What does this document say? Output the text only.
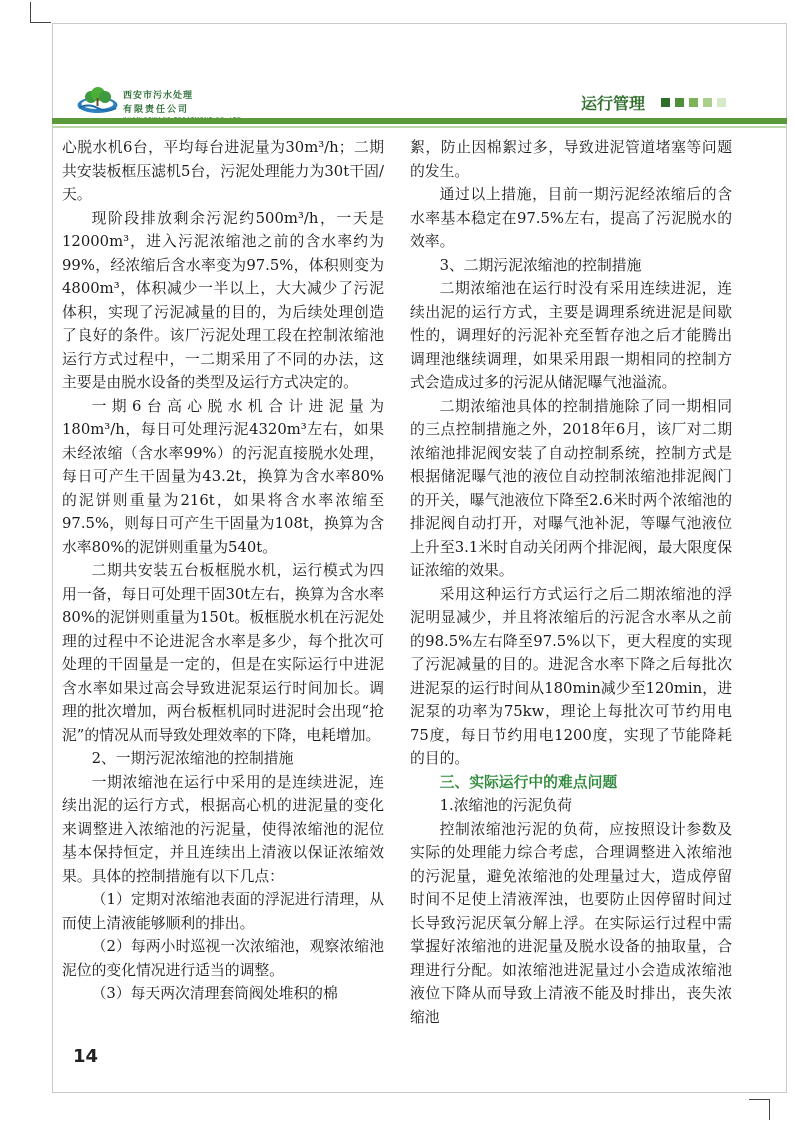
西安市污水处理
有限责任公司	运行管理

心脱水机6台，平均每台进泥量为30m³/h；二期共安装板框压滤机5台，污泥处理能力为30t干固/天。

现阶段排放剩余污泥约500m³/h，一天是12000m³，进入污泥浓缩池之前的含水率约为99%，经浓缩后含水率变为97.5%，体积则变为4800m³，体积减少一半以上，大大减少了污泥体积，实现了污泥减量的目的，为后续处理创造了良好的条件。该厂污泥处理工段在控制浓缩池运行方式过程中，一二期采用了不同的办法，这主要是由脱水设备的类型及运行方式决定的。

一期6台高心脱水机合计进泥量为180m³/h，每日可处理污泥4320m³左右，如果未经浓缩（含水率99%）的污泥直接脱水处理，每日可产生干固量为43.2t，换算为含水率80%的泥饼则重量为216t，如果将含水率浓缩至97.5%，则每日可产生干固量为108t，换算为含水率80%的泥饼则重量为540t。

二期共安装五台板框脱水机，运行模式为四用一备，每日可处理干固30t左右，换算为含水率80%的泥饼则重量为150t。板框脱水机在污泥处理的过程中不论进泥含水率是多少，每个批次可处理的干固量是一定的，但是在实际运行中进泥含水率如果过高会导致进泥泵运行时间加长。调理的批次增加，两台板框机同时进泥时会出现“抢泥”的情况从而导致处理效率的下降，电耗增加。

2、一期污泥浓缩池的控制措施

一期浓缩池在运行中采用的是连续进泥，连续出泥的运行方式，根据高心机的进泥量的变化来调整进入浓缩池的污泥量，使得浓缩池的泥位基本保持恒定，并且连续出上清液以保证浓缩效果。具体的控制措施有以下几点：

（1）定期对浓缩池表面的浮泥进行清理，从而使上清液能够顺利的排出。

（2）每两小时巡视一次浓缩池，观察浓缩池泥位的变化情况进行适当的调整。

（3）每天两次清理套筒阀处堆积的棉

絮，防止因棉絮过多，导致进泥管道堵塞等问题的发生。

通过以上措施，目前一期污泥经浓缩后的含水率基本稳定在97.5%左右，提高了污泥脱水的效率。

3、二期污泥浓缩池的控制措施

二期浓缩池在运行时没有采用连续进泥，连续出泥的运行方式，主要是调理系统进泥是间歇性的，调理好的污泥补充至暂存池之后才能腾出调理池继续调理，如果采用跟一期相同的控制方式会造成过多的污泥从储泥曝气池溢流。

二期浓缩池具体的控制措施除了同一期相同的三点控制措施之外，2018年6月，该厂对二期浓缩池排泥阀安装了自动控制系统，控制方式是根据储泥曝气池的液位自动控制浓缩池排泥阀门的开关，曝气池液位下降至2.6米时两个浓缩池的排泥阀自动打开，对曝气池补泥，等曝气池液位上升至3.1米时自动关闭两个排泥阀，最大限度保证浓缩的效果。

采用这种运行方式运行之后二期浓缩池的浮泥明显减少，并且将浓缩后的污泥含水率从之前的98.5%左右降至97.5%以下，更大程度的实现了污泥减量的目的。进泥含水率下降之后每批次进泥泵的运行时间从180min减少至120min，进泥泵的功率为75kw，理论上每批次可节约用电75度，每日节约用电1200度，实现了节能降耗的目的。

三、实际运行中的难点问题

1.浓缩池的污泥负荷

控制浓缩池污泥的负荷，应按照设计参数及实际的处理能力综合考虑，合理调整进入浓缩池的污泥量，避免浓缩池的处理量过大，造成停留时间不足使上清液浑浊，也要防止因停留时间过长导致污泥厌氧分解上浮。在实际运行过程中需掌握好浓缩池的进泥量及脱水设备的抽取量，合理进行分配。如浓缩池进泥量过小会造成浓缩池液位下降从而导致上清液不能及时排出，丧失浓缩池

14
